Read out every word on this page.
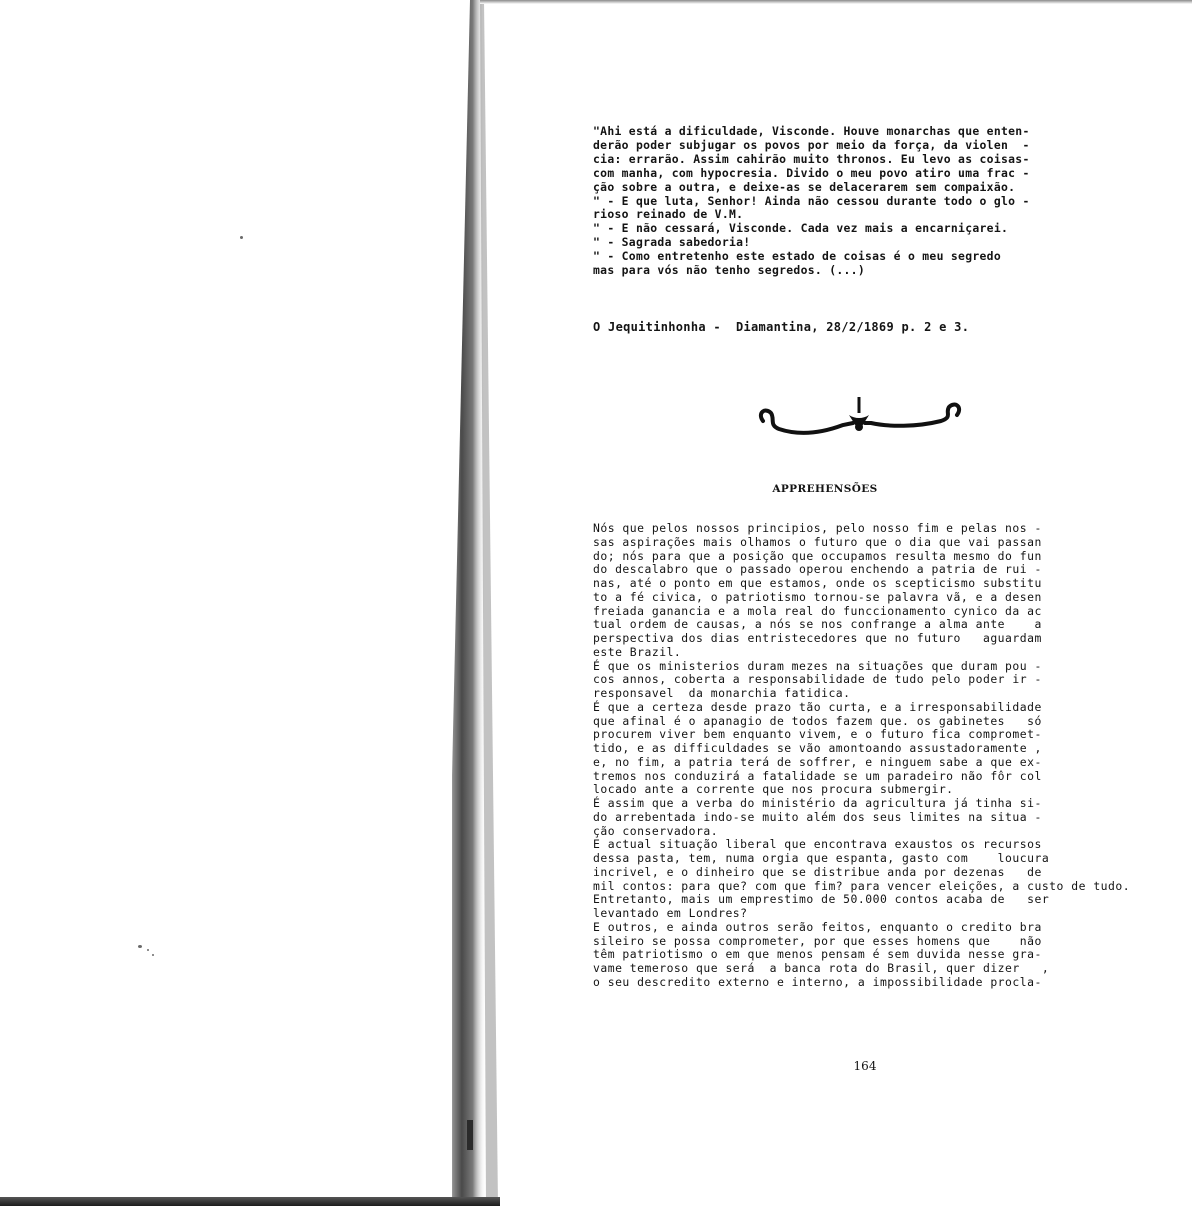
"Ahi está a dificuldade, Visconde. Houve monarchas que enten-
derão poder subjugar os povos por meio da força, da violen  -
cia: errarão. Assim cahirão muito thronos. Eu levo as coisas-
com manha, com hypocresia. Divido o meu povo atiro uma frac -
ção sobre a outra, e deixe-as se delacerarem sem compaixão.
" - E que luta, Senhor! Ainda não cessou durante todo o glo -
rioso reinado de V.M.
" - E não cessará, Visconde. Cada vez mais a encarniçarei.
" - Sagrada sabedoria!
" - Como entretenho este estado de coisas é o meu segredo
mas para vós não tenho segredos. (...)
O Jequitinhonha -  Diamantina, 28/2/1869 p. 2 e 3.
APPREHENSÕES
Nós que pelos nossos principios, pelo nosso fim e pelas nos -
sas aspirações mais olhamos o futuro que o dia que vai passan
do; nós para que a posição que occupamos resulta mesmo do fun
do descalabro que o passado operou enchendo a patria de rui -
nas, até o ponto em que estamos, onde os scepticismo substitu
to a fé civica, o patriotismo tornou-se palavra vã, e a desen
freiada ganancia e a mola real do funccionamento cynico da ac
tual ordem de causas, a nós se nos confrange a alma ante    a
perspectiva dos dias entristecedores que no futuro   aguardam
este Brazil.
É que os ministerios duram mezes na situações que duram pou -
cos annos, coberta a responsabilidade de tudo pelo poder ir -
responsavel  da monarchia fatidica.
É que a certeza desde prazo tão curta, e a irresponsabilidade
que afinal é o apanagio de todos fazem que. os gabinetes   só
procurem viver bem enquanto vivem, e o futuro fica compromet-
tido, e as difficuldades se vão amontoando assustadoramente ,
e, no fim, a patria terá de soffrer, e ninguem sabe a que ex-
tremos nos conduzirá a fatalidade se um paradeiro não fôr col
locado ante a corrente que nos procura submergir.
É assim que a verba do ministério da agricultura já tinha si-
do arrebentada indo-se muito além dos seus limites na situa -
ção conservadora.
E actual situação liberal que encontrava exaustos os recursos
dessa pasta, tem, numa orgia que espanta, gasto com    loucura
incrivel, e o dinheiro que se distribue anda por dezenas   de
mil contos: para que? com que fim? para vencer eleições, a custo de tudo.
Entretanto, mais um emprestimo de 50.000 contos acaba de   ser
levantado em Londres?
E outros, e ainda outros serão feitos, enquanto o credito bra
sileiro se possa comprometer, por que esses homens que    não
têm patriotismo o em que menos pensam é sem duvida nesse gra-
vame temeroso que será  a banca rota do Brasil, quer dizer   ,
o seu descredito externo e interno, a impossibilidade procla-
164
